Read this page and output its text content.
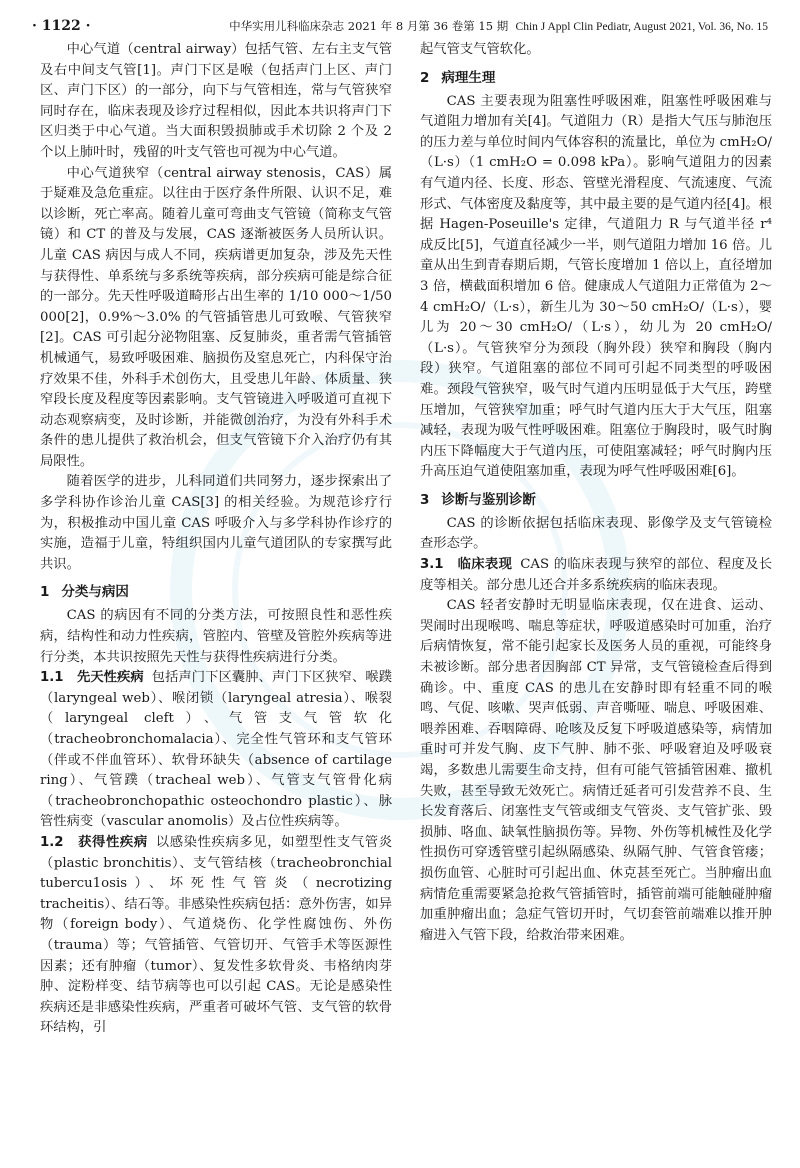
· 1122 ·	中华实用儿科临床杂志 2021 年 8 月第 36 卷第 15 期 Chin J Appl Clin Pediatr, August 2021, Vol. 36, No. 15

中心气道（central airway）包括气管、左右主支气管及右中间支气管[1]。声门下区是喉（包括声门上区、声门区、声门下区）的一部分，向下与气管相连，常与气管狭窄同时存在，临床表现及诊疗过程相似，因此本共识将声门下区归类于中心气道。当大面积毁损肺或手术切除 2 个及 2 个以上肺叶时，残留的叶支气管也可视为中心气道。

中心气道狭窄（central airway stenosis，CAS）属于疑难及急危重症。以往由于医疗条件所限、认识不足，难以诊断，死亡率高。随着儿童可弯曲支气管镜（简称支气管镜）和 CT 的普及与发展，CAS 逐渐被医务人员所认识。儿童 CAS 病因与成人不同，疾病谱更加复杂，涉及先天性与获得性、单系统与多系统等疾病，部分疾病可能是综合征的一部分。先天性呼吸道畸形占出生率的 1/10 000～1/50 000[2]，0.9%～3.0% 的气管插管患儿可致喉、气管狭窄[2]。CAS 可引起分泌物阻塞、反复肺炎，重者需气管插管机械通气，易致呼吸困难、脑损伤及窒息死亡，内科保守治疗效果不佳，外科手术创伤大，且受患儿年龄、体质量、狭窄段长度及程度等因素影响。支气管镜进入呼吸道可直视下动态观察病变，及时诊断，并能微创治疗，为没有外科手术条件的患儿提供了救治机会，但支气管镜下介入治疗仍有其局限性。

随着医学的进步，儿科同道们共同努力，逐步探索出了多学科协作诊治儿童 CAS[3] 的相关经验。为规范诊疗行为，积极推动中国儿童 CAS 呼吸介入与多学科协作诊疗的实施，造福于儿童，特组织国内儿童气道团队的专家撰写此共识。

1 分类与病因

CAS 的病因有不同的分类方法，可按照良性和恶性疾病，结构性和动力性疾病，管腔内、管壁及管腔外疾病等进行分类，本共识按照先天性与获得性疾病进行分类。

1.1　先天性疾病 包括声门下区囊肿、声门下区狭窄、喉蹼（laryngeal web）、喉闭锁（laryngeal atresia）、喉裂（laryngeal cleft）、气管支气管软化（tracheobronchomalacia）、完全性气管环和支气管环（伴或不伴血管环）、软骨环缺失（absence of cartilage ring）、气管蹼（tracheal web）、气管支气管骨化病（tracheobronchopathic osteochondro plastic）、脉管性病变（vascular anomolis）及占位性疾病等。

1.2　获得性疾病 以感染性疾病多见，如塑型性支气管炎（plastic bronchitis）、支气管结核（tracheobronchial tubercu1osis）、坏死性气管炎（necrotizing tracheitis）、结石等。非感染性疾病包括：意外伤害，如异物（foreign body）、气道烧伤、化学性腐蚀伤、外伤（trauma）等；气管插管、气管切开、气管手术等医源性因素；还有肿瘤（tumor）、复发性多软骨炎、韦格纳肉芽肿、淀粉样变、结节病等也可以引起 CAS。无论是感染性疾病还是非感染性疾病，严重者可破坏气管、支气管的软骨环结构，引

起气管支气管软化。

2 病理生理

CAS 主要表现为阻塞性呼吸困难，阻塞性呼吸困难与气道阻力增加有关[4]。气道阻力（R）是指大气压与肺泡压的压力差与单位时间内气体容积的流量比，单位为 cmH₂O/（L·s）（1 cmH₂O = 0.098 kPa）。影响气道阻力的因素有气道内径、长度、形态、管壁光滑程度、气流速度、气流形式、气体密度及黏度等，其中最主要的是气道内径[4]。根据 Hagen-Poseuille's 定律，气道阻力 R 与气道半径 r⁴ 成反比[5]，气道直径减少一半，则气道阻力增加 16 倍。儿童从出生到青春期后期，气管长度增加 1 倍以上，直径增加 3 倍，横截面积增加 6 倍。健康成人气道阻力正常值为 2～4 cmH₂O/（L·s），新生儿为 30～50 cmH₂O/（L·s），婴儿为 20～30 cmH₂O/（L·s），幼儿为 20 cmH₂O/（L·s）。气管狭窄分为颈段（胸外段）狭窄和胸段（胸内段）狭窄。气道阻塞的部位不同可引起不同类型的呼吸困难。颈段气管狭窄，吸气时气道内压明显低于大气压，跨壁压增加，气管狭窄加重；呼气时气道内压大于大气压，阻塞减轻，表现为吸气性呼吸困难。阻塞位于胸段时，吸气时胸内压下降幅度大于气道内压，可使阻塞减轻；呼气时胸内压升高压迫气道使阻塞加重，表现为呼气性呼吸困难[6]。

3 诊断与鉴别诊断

CAS 的诊断依据包括临床表现、影像学及支气管镜检查形态学。

3.1　临床表现 CAS 的临床表现与狭窄的部位、程度及长度等相关。部分患儿还合并多系统疾病的临床表现。

CAS 轻者安静时无明显临床表现，仅在进食、运动、哭闹时出现喉鸣、喘息等症状，呼吸道感染时可加重，治疗后病情恢复，常不能引起家长及医务人员的重视，可能终身未被诊断。部分患者因胸部 CT 异常，支气管镜检查后得到确诊。中、重度 CAS 的患儿在安静时即有轻重不同的喉鸣、气促、咳嗽、哭声低弱、声音嘶哑、喘息、呼吸困难、喂养困难、吞咽障碍、呛咳及反复下呼吸道感染等，病情加重时可并发气胸、皮下气肿、肺不张、呼吸窘迫及呼吸衰竭，多数患儿需要生命支持，但有可能气管插管困难、撤机失败，甚至导致无效死亡。病情迁延者可引发营养不良、生长发育落后、闭塞性支气管或细支气管炎、支气管扩张、毁损肺、咯血、缺氧性脑损伤等。异物、外伤等机械性及化学性损伤可穿透管壁引起纵隔感染、纵隔气肿、气管食管瘘；损伤血管、心脏时可引起出血、休克甚至死亡。当肿瘤出血病情危重需要紧急抢救气管插管时，插管前端可能触碰肿瘤加重肿瘤出血；急症气管切开时，气切套管前端难以推开肿瘤进入气管下段，给救治带来困难。
